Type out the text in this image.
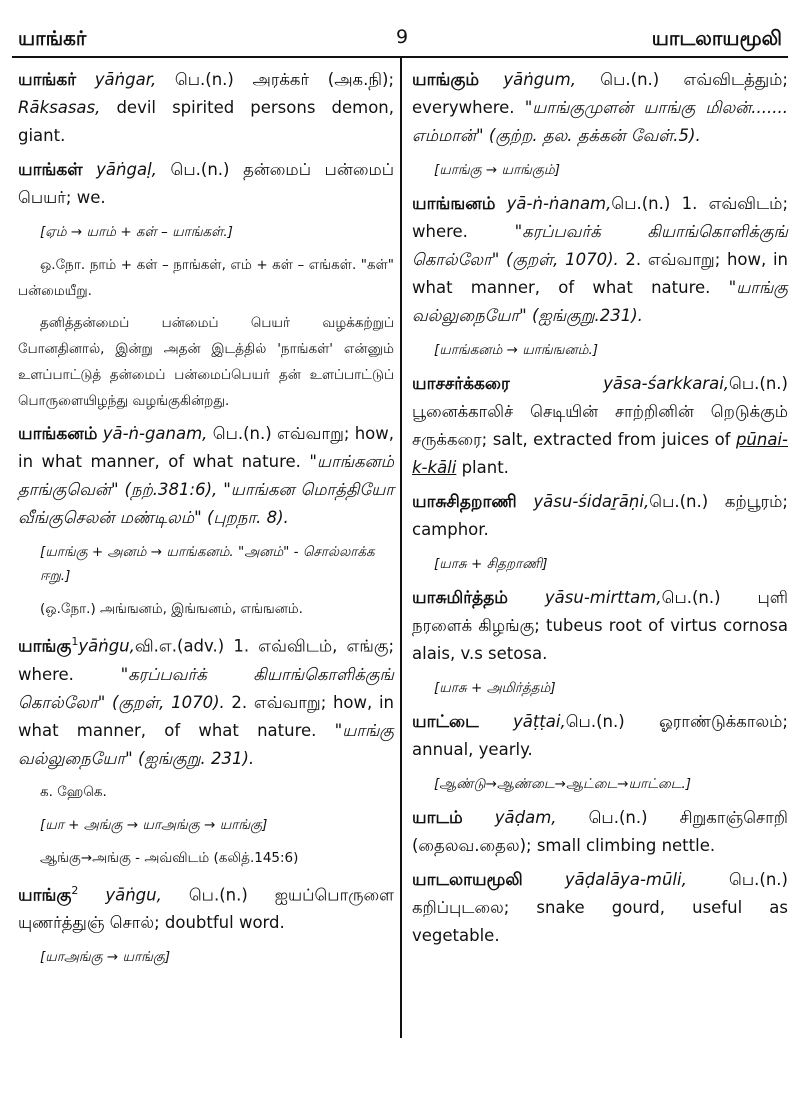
யாங்கர்	9	யாடலாயமூலி

யாங்கர் yāṅgar, பெ.(n.) அரக்கர் (அக.நி); Rāksasas, devil spirited persons demon, giant.

யாங்கள் yāṅgaḷ, பெ.(n.) தன்மைப் பன்மைப் பெயர்; we.

[ஏம் → யாம் + கள் – யாங்கள்.]

ஒ.நோ. நாம் + கள் – நாங்கள், எம் + கள் – எங்கள். "கள்" பன்மையீறு.

தனித்தன்மைப் பன்மைப் பெயர் வழக்கற்றுப் போனதினால், இன்று அதன் இடத்தில் 'நாங்கள்' என்னும் உளப்பாட்டுத் தன்மைப் பன்மைப்பெயர் தன் உளப்பாட்டுப் பொருளையிழந்து வழங்குகின்றது.

யாங்கனம் yā-ṅ-ganam, பெ.(n.) எவ்வாறு; how, in what manner, of what nature. "யாங்கனம் தாங்குவென்" (நற்.381:6), "யாங்கன மொத்தியோ வீங்குசெலன் மண்டிலம்" (புறநா. 8).

[யாங்கு + அனம் → யாங்கனம். "அனம்" - சொல்லாக்க ஈறு.]

(ஒ.நோ.) அங்ஙனம், இங்ஙனம், எங்ஙனம்.

யாங்கு$^1$yāṅgu,வி.எ.(adv.) 1. எவ்விடம், எங்கு; where. "கரப்பவர்க் கியாங்கொளிக்குங் கொல்லோ" (குறள், 1070). 2. எவ்வாறு; how, in what manner, of what nature. "யாங்கு வல்லுநையோ" (ஐங்குறு. 231).

க. ஹேகெ.

[யா + அங்கு → யாஅங்கு → யாங்கு]

ஆங்கு→அங்கு - அவ்விடம் (கலித்.145:6)

யாங்கு$^2$ yāṅgu, பெ.(n.) ஐயப்பொருளை யுணர்த்துஞ் சொல்; doubtful word.

[யாஅங்கு → யாங்கு]

யாங்கும் yāṅgum, பெ.(n.) எவ்விடத்தும்; everywhere. "யாங்குமுளன் யாங்கு மிலன்....... எம்மான்" (குற்ற. தல. தக்கன் வேள்.5).

[யாங்கு → யாங்கும்]

யாங்ஙனம் yā-ṅ-ṅanam,பெ.(n.) 1. எவ்விடம்; where. "கரப்பவர்க் கியாங்கொளிக்குங் கொல்லோ" (குறள், 1070). 2. எவ்வாறு; how, in what manner, of what nature. "யாங்கு வல்லுநையோ" (ஐங்குறு.231).

[யாங்கனம் → யாங்ஙனம்.]

யாசசர்க்கரை	yāsa-śarkkarai,பெ.(n.) பூனைக்காலிச் செடியின் சாற்றினின் றெடுக்கும் சருக்கரை; salt, extracted from juices of pūnai-k-kāli plant.

யாசுசிதறாணி yāsu-śidaṟāṇi,பெ.(n.) கற்பூரம்; camphor.

[யாசு + சிதறாணி]

யாசுமிர்த்தம் yāsu-mirttam,பெ.(n.) புளி நரளைக் கிழங்கு; tubeus root of virtus cornosa alais, v.s setosa.

[யாசு + அமிர்த்தம்]

யாட்டை yāṭṭai,பெ.(n.) ஓராண்டுக்காலம்; annual, yearly.

[ஆண்டு→ஆண்டை→ஆட்டை→யாட்டை.]

யாடம் yāḍam, பெ.(n.) சிறுகாஞ்சொறி (தைலவ.தைல); small climbing nettle.

யாடலாயமூலி	yāḍalāya-mūli,	பெ.(n.) கறிப்புடலை; snake gourd, useful as vegetable.
